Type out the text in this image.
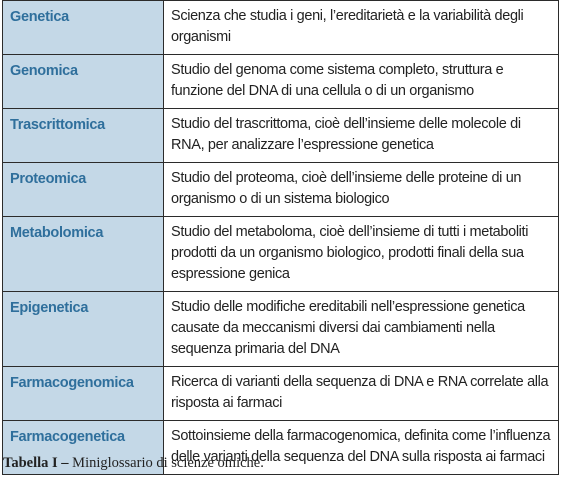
Genetica	Scienza che studia i geni, l’ereditarietà e la variabilità degli organismi

Genomica	Studio del genoma come sistema completo, struttura e funzione del DNA di una cellula o di un organismo

Trascrittomica	Studio del trascrittoma, cioè dell’insieme delle molecole di RNA, per analizzare l’espressione genetica

Proteomica	Studio del proteoma, cioè dell’insieme delle proteine di un organismo o di un sistema biologico

Metabolomica	Studio del metaboloma, cioè dell’insieme di tutti i metaboliti prodotti da un organismo biologico, prodotti finali della sua espressione genica

Epigenetica	Studio delle modifiche ereditabili nell’espressione genetica causate da meccanismi diversi dai cambiamenti nella sequenza primaria del DNA

Farmacogenomica	Ricerca di varianti della sequenza di DNA e RNA correlate alla risposta ai farmaci

Farmacogenetica	Sottoinsieme della farmacogenomica, definita come l’influenza delle varianti della sequenza del DNA sulla risposta ai farmaci
Tabella I – Miniglossario di scienze omiche.
